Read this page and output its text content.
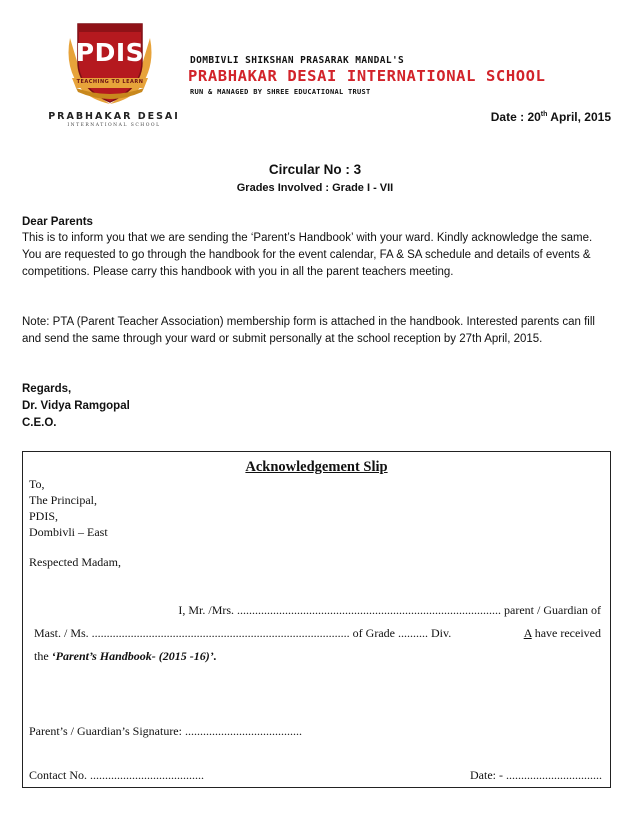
PDIS
TEACHING TO LEARN
PRABHAKAR DESAI
INTERNATIONAL SCHOOL
DOMBIVLI SHIKSHAN PRASARAK MANDAL'S
PRABHAKAR DESAI INTERNATIONAL SCHOOL
RUN & MANAGED BY SHREE EDUCATIONAL TRUST
Date : 20th April, 2015
Circular No : 3
Grades Involved : Grade I - VII
Dear Parents
This is to inform you that we are sending the ‘Parent’s Handbook’ with your ward. Kindly acknowledge the same. You are requested to go through the handbook for the event calendar, FA & SA schedule and details of events & competitions. Please carry this handbook with you in all the parent teachers meeting.
Note: PTA (Parent Teacher Association) membership form is attached in the handbook. Interested parents can fill and send the same through your ward or submit personally at the school reception by 27th April, 2015.
Regards,
Dr. Vidya Ramgopal
C.E.O.
Acknowledgement Slip
To,
The Principal,
PDIS,
Dombivli – East
Respected Madam,
I, Mr. /Mrs. ........................................................................................ parent / Guardian of
Mast. / Ms. ...................................................................................... of Grade .......... Div.	A have received
the ‘Parent’s Handbook- (2015 -16)’.
Parent’s / Guardian’s Signature: .......................................
Contact No. ......................................	Date: - ................................
